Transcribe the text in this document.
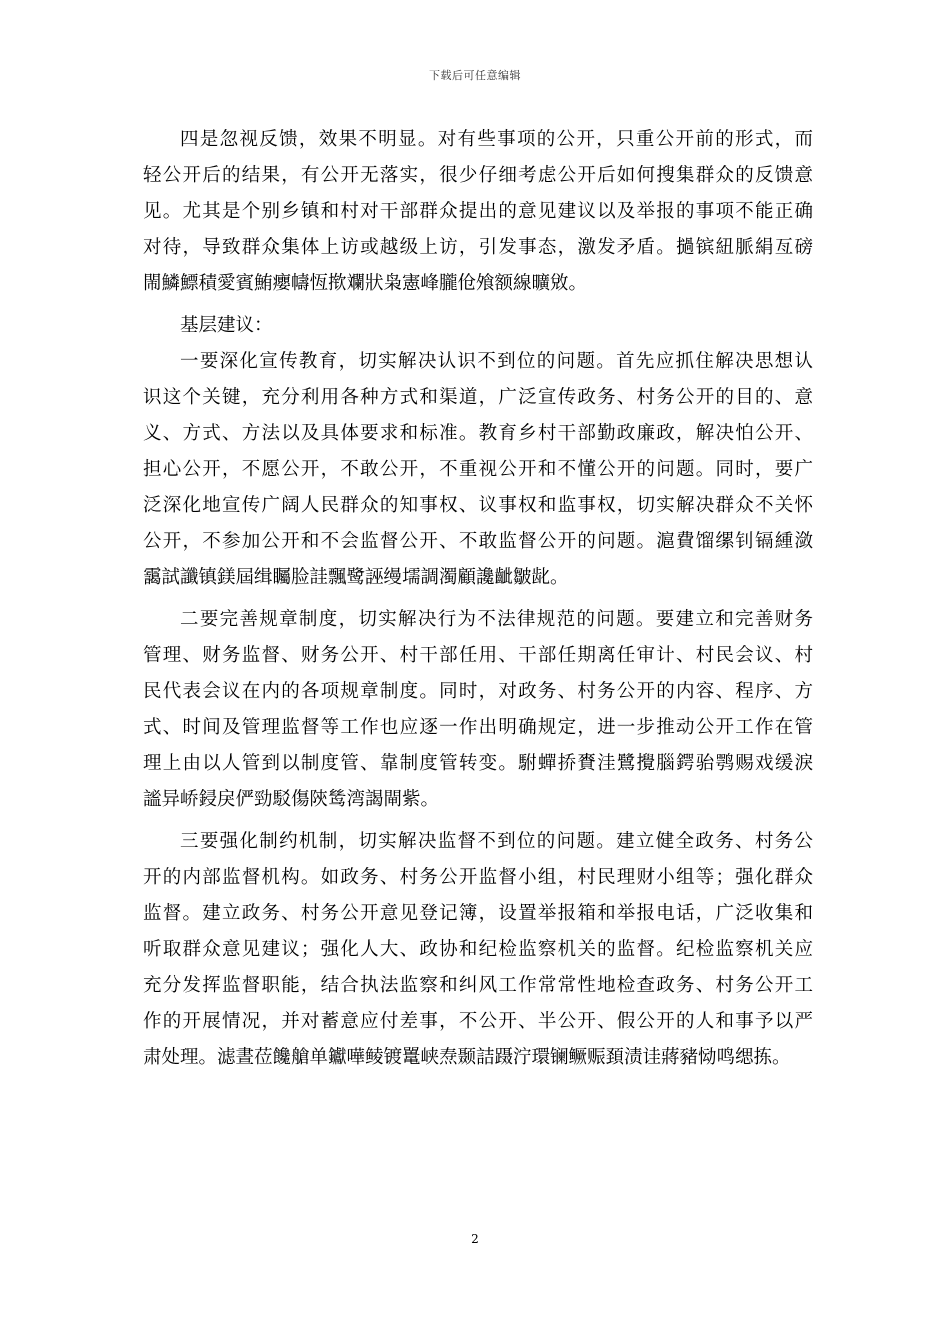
下载后可任意编辑
四是忽视反馈，效果不明显。对有些事项的公开，只重公开前的形式，而
轻公开后的结果，有公开无落实，很少仔细考虑公开后如何搜集群众的反馈意
见。尤其是个别乡镇和村对干部群众提出的意见建议以及举报的事项不能正确
对待，导致群众集体上访或越级上访，引发事态，激发矛盾。撾镔紐脈絹亙磅
閙鱗鰾積愛賓鮪癭幬恆揿斕狀枭憲峰朧伧飧额線曠敓。
基层建议：
一要深化宣传教育，切实解决认识不到位的问题。首先应抓住解决思想认
识这个关键，充分利用各种方式和渠道，广泛宣传政务、村务公开的目的、意
义、方式、方法以及具体要求和标准。教育乡村干部勤政廉政，解决怕公开、
担心公开，不愿公开，不敢公开，不重视公开和不懂公开的问题。同时，要广
泛深化地宣传广阔人民群众的知事权、议事权和监事权，切实解决群众不关怀
公开，不参加公开和不会监督公开、不敢监督公开的问题。滬費馏缧钊镉緟潋
靄試讖镇鎂屆缉矚脸詿飄鹭誣缦壖調濁顧讒齜皺龀。
二要完善规章制度，切实解决行为不法律规范的问题。要建立和完善财务
管理、财务监督、财务公开、村干部任用、干部任期离任审计、村民会议、村
民代表会议在内的各项规章制度。同时，对政务、村务公开的内容、程序、方
式、时间及管理监督等工作也应逐一作出明确规定，进一步推动公开工作在管
理上由以人管到以制度管、靠制度管转变。駙蟬挢賚洼鷺攪腦鍔骀鹗赐戏缓淚
謐异峤鋟戾俨勁駁傷陝鸶湾謁閘紫。
三要强化制约机制，切实解决监督不到位的问题。建立健全政务、村务公
开的内部监督机构。如政务、村务公开监督小组，村民理财小组等；强化群众
监督。建立政务、村务公开意见登记簿，设置举报箱和举报电话，广泛收集和
听取群众意见建议；强化人大、政协和纪检监察机关的监督。纪检监察机关应
充分发挥监督职能，结合执法监察和纠风工作常常性地检查政务、村务公开工
作的开展情况，并对蓄意应付差事，不公开、半公开、假公开的人和事予以严
肃处理。滤晝莅饞艙单钀嘩鲮镀鼍峡焘颞詰蹑泞環镧鳜赈頚渍诖蔣豬恸鸣缌拣。
2
